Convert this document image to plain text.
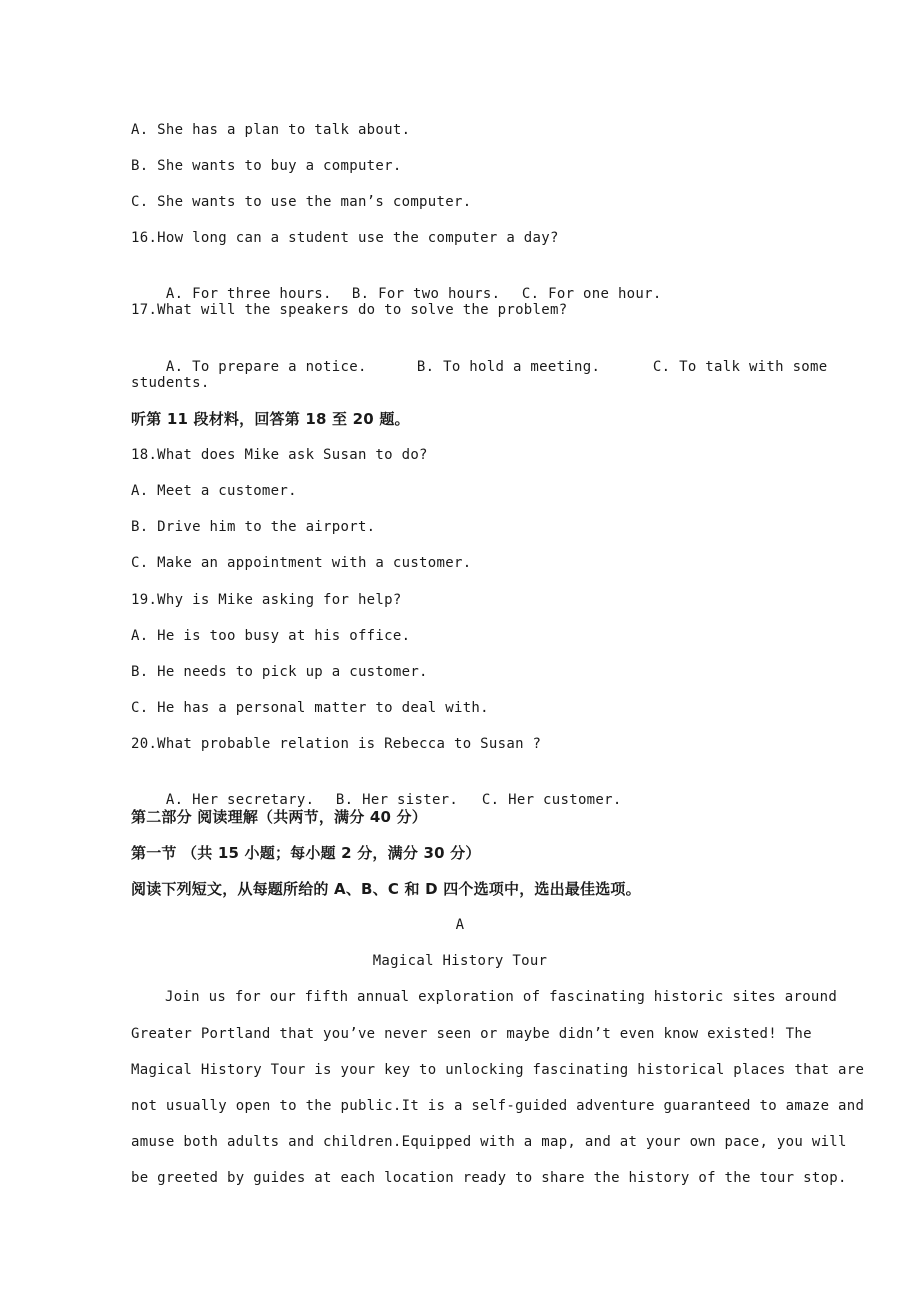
A. She has a plan to talk about.
B. She wants to buy a computer.
C. She wants to use the man’s computer.
16.How long can a student use the computer a day?

A. For three hours. B. For two hours. C. For one hour.

17.What will the speakers do to solve the problem?

A. To prepare a notice.	B. To hold a meeting.	C. To talk with some

students.
听第 11 段材料，回答第 18 至 20 题。
18.What does Mike ask Susan to do?
A. Meet a customer.
B. Drive him to the airport.
C. Make an appointment with a customer.
19.Why is Mike asking for help?
A. He is too busy at his office.
B. He needs to pick up a customer.
C. He has a personal matter to deal with.
20.What probable relation is Rebecca to Susan ?

A. Her secretary. B. Her sister. C. Her customer.

第二部分 阅读理解（共两节，满分 40 分）
第一节 （共 15 小题；每小题 2 分，满分 30 分）
阅读下列短文，从每题所给的 A、B、C 和 D 四个选项中，选出最佳选项。
A
Magical History Tour
Join us for our fifth annual exploration of fascinating historic sites around
Greater Portland that you’ve never seen or maybe didn’t even know existed! The
Magical History Tour is your key to unlocking fascinating historical places that are
not usually open to the public.It is a self-guided adventure guaranteed to amaze and
amuse both adults and children.Equipped with a map, and at your own pace, you will
be greeted by guides at each location ready to share the history of the tour stop.
